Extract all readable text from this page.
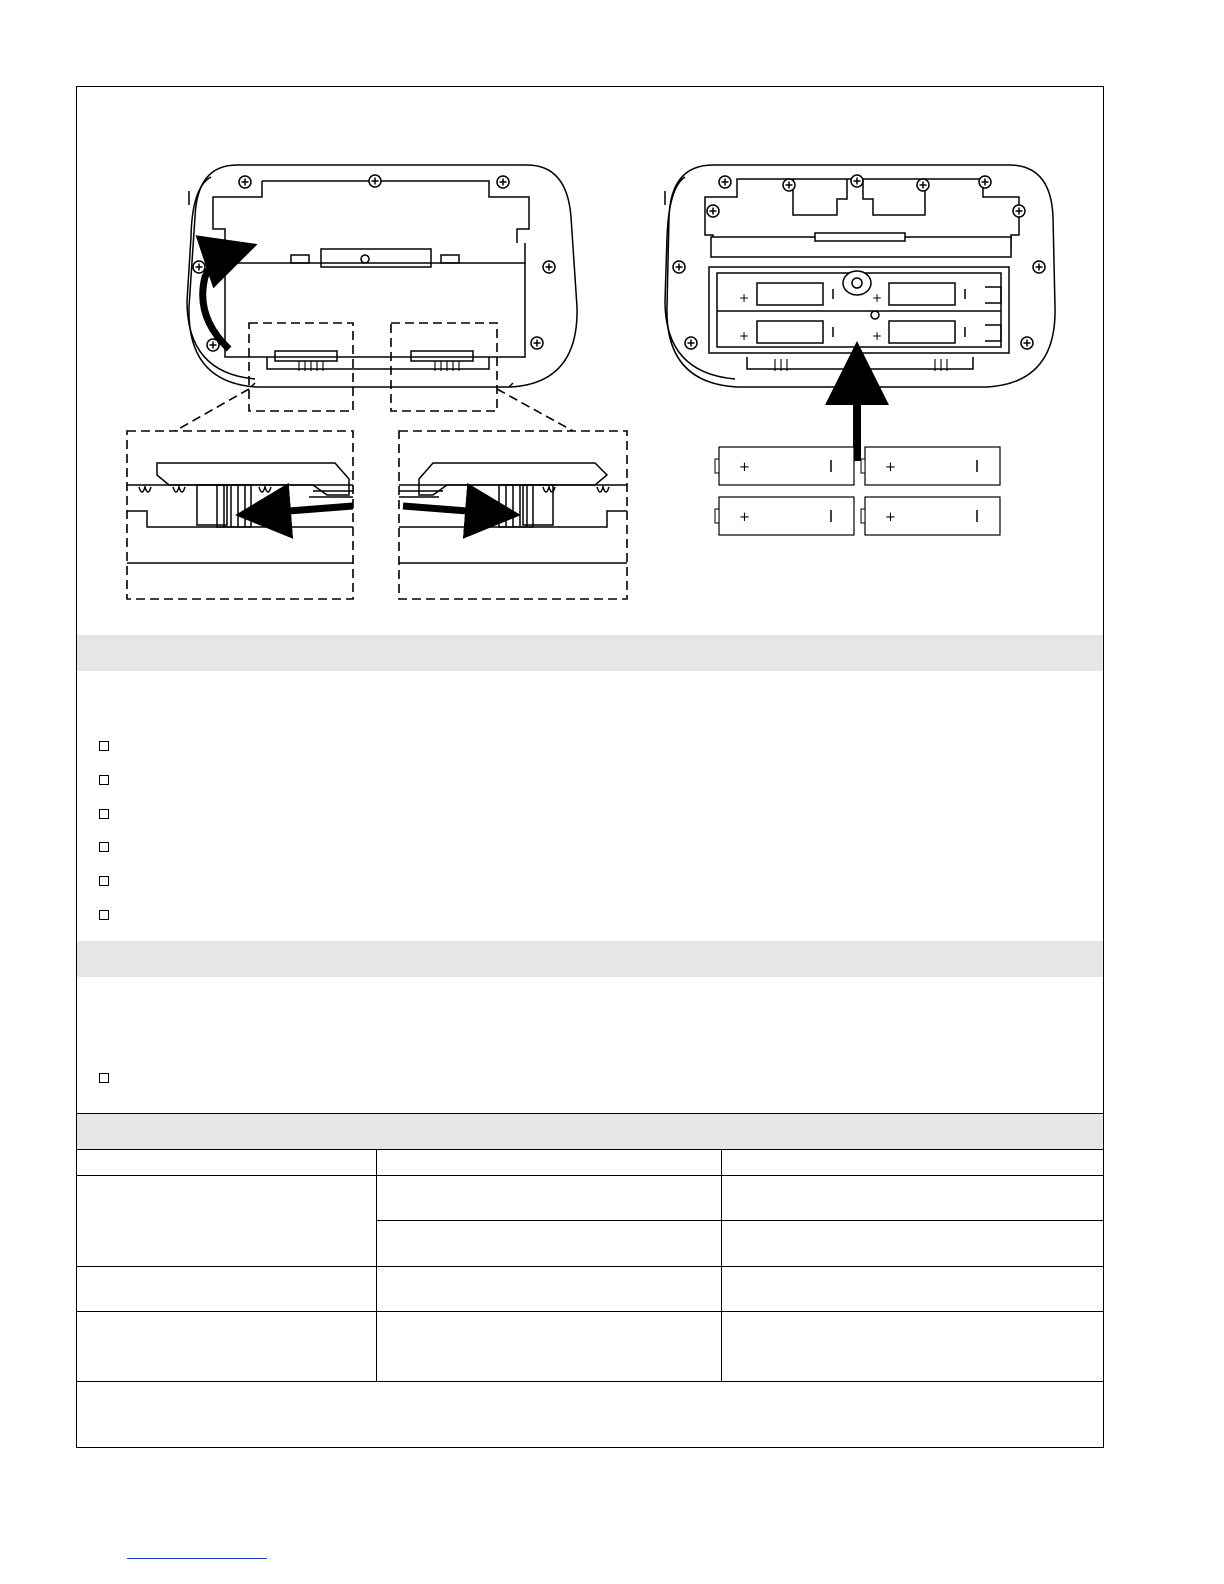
+
+	+
+	+
